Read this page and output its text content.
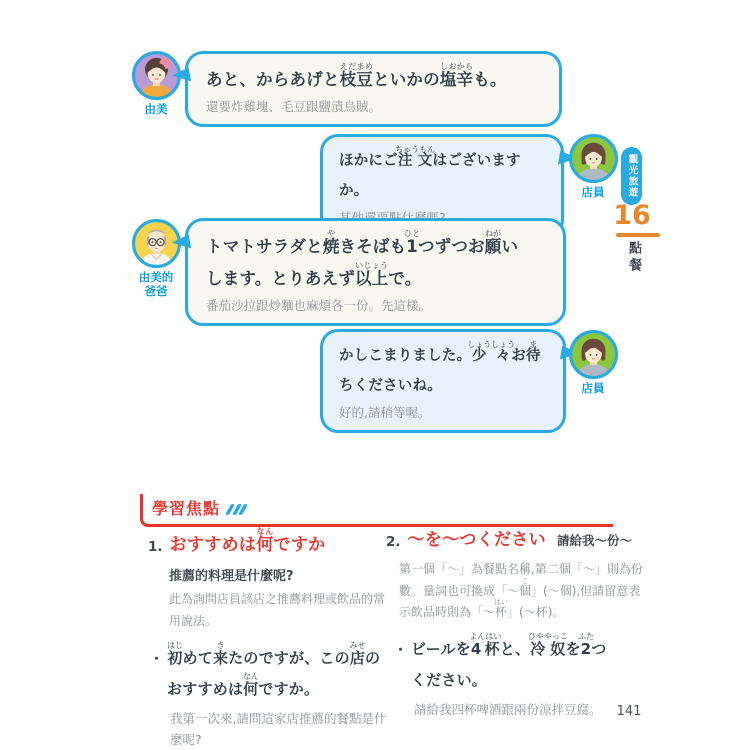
由美
あと、からあげと枝豆えだまめといかの塩辛しおからも。
還要炸雞塊、毛豆跟鹽漬烏賊。
ほかにご注文ちゅうもんはございますか。	店員
由美的
爸爸
トマトサラダと焼やきそばも1ひとつずつお願ねがい
します。とりあえず以上いじょうで。
番茄沙拉跟炒麵也麻煩各一份。先這樣。
かしこまりました。少々しょうしょうお待ま
ちくださいね。
好的,請稍等喔。
店員
觀光旅遊
16
點餐
學習焦點
1. おすすめは何なんですか
推薦的料理是什麼呢?
此為詢問店員該店之推薦料理或飲品的常用說法。
・ 初はじめて来きたのですが、この店みせの
おすすめは何なんですか。
我第一次來,請問這家店推薦的餐點是什麼呢?
2. ～を～つください 請給我～份～
第一個「～」為餐點名稱,第二個「～」則為份數。量詞也可換成「～個こ」(～個),但請留意表示飲品時則為「～杯はい」(～杯)。
・ ビールを4杯よんはいと、冷奴ひややっこを2ふたつ
ください。
請給我四杯啤酒跟兩份涼拌豆腐。	141
